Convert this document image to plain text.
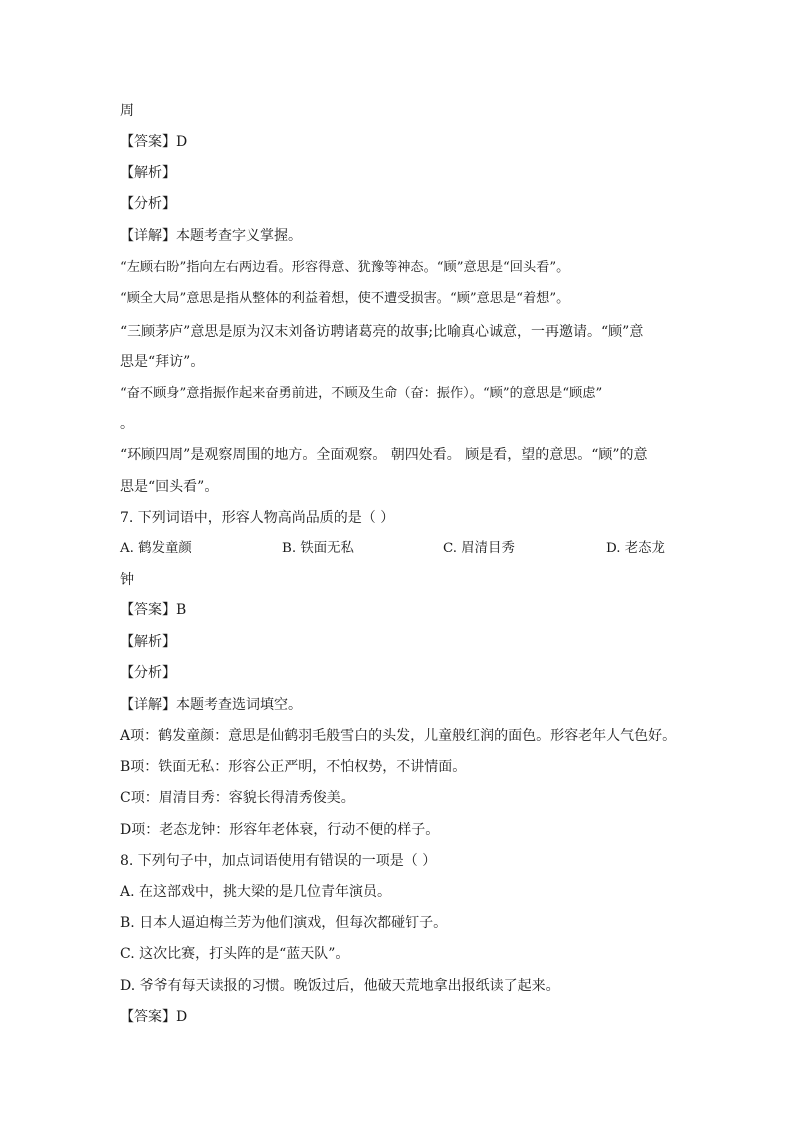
周
【答案】D
【解析】
【分析】
【详解】本题考查字义掌握。
“左顾右盼”指向左右两边看。形容得意、犹豫等神态。“顾”意思是“回头看”。
“顾全大局”意思是指从整体的利益着想，使不遭受损害。“顾”意思是“着想”。
“三顾茅庐”意思是原为汉末刘备访聘诸葛亮的故事;比喻真心诚意，一再邀请。“顾”意
思是“拜访”。
“奋不顾身”意指振作起来奋勇前进，不顾及生命（奋：振作）。“顾”的意思是“顾虑”
。
“环顾四周”是观察周围的地方。全面观察。 朝四处看。 顾是看，望的意思。“顾”的意
思是“回头看”。
7. 下列词语中，形容人物高尚品质的是（ ）
A. 鹤发童颜	B. 铁面无私	C. 眉清目秀	D. 老态龙
钟
【答案】B
【解析】
【分析】
【详解】本题考查选词填空。
A项：鹤发童颜：意思是仙鹤羽毛般雪白的头发，儿童般红润的面色。形容老年人气色好。
B项：铁面无私：形容公正严明，不怕权势，不讲情面。
C项：眉清目秀：容貌长得清秀俊美。
D项：老态龙钟：形容年老体衰，行动不便的样子。
8. 下列句子中，加点词语使用有错误的一项是（ ）
A. 在这部戏中，挑大梁的是几位青年演员。
B. 日本人逼迫梅兰芳为他们演戏，但每次都碰钉子。
C. 这次比赛，打头阵的是“蓝天队”。
D. 爷爷有每天读报的习惯。晚饭过后，他破天荒地拿出报纸读了起来。
【答案】D
